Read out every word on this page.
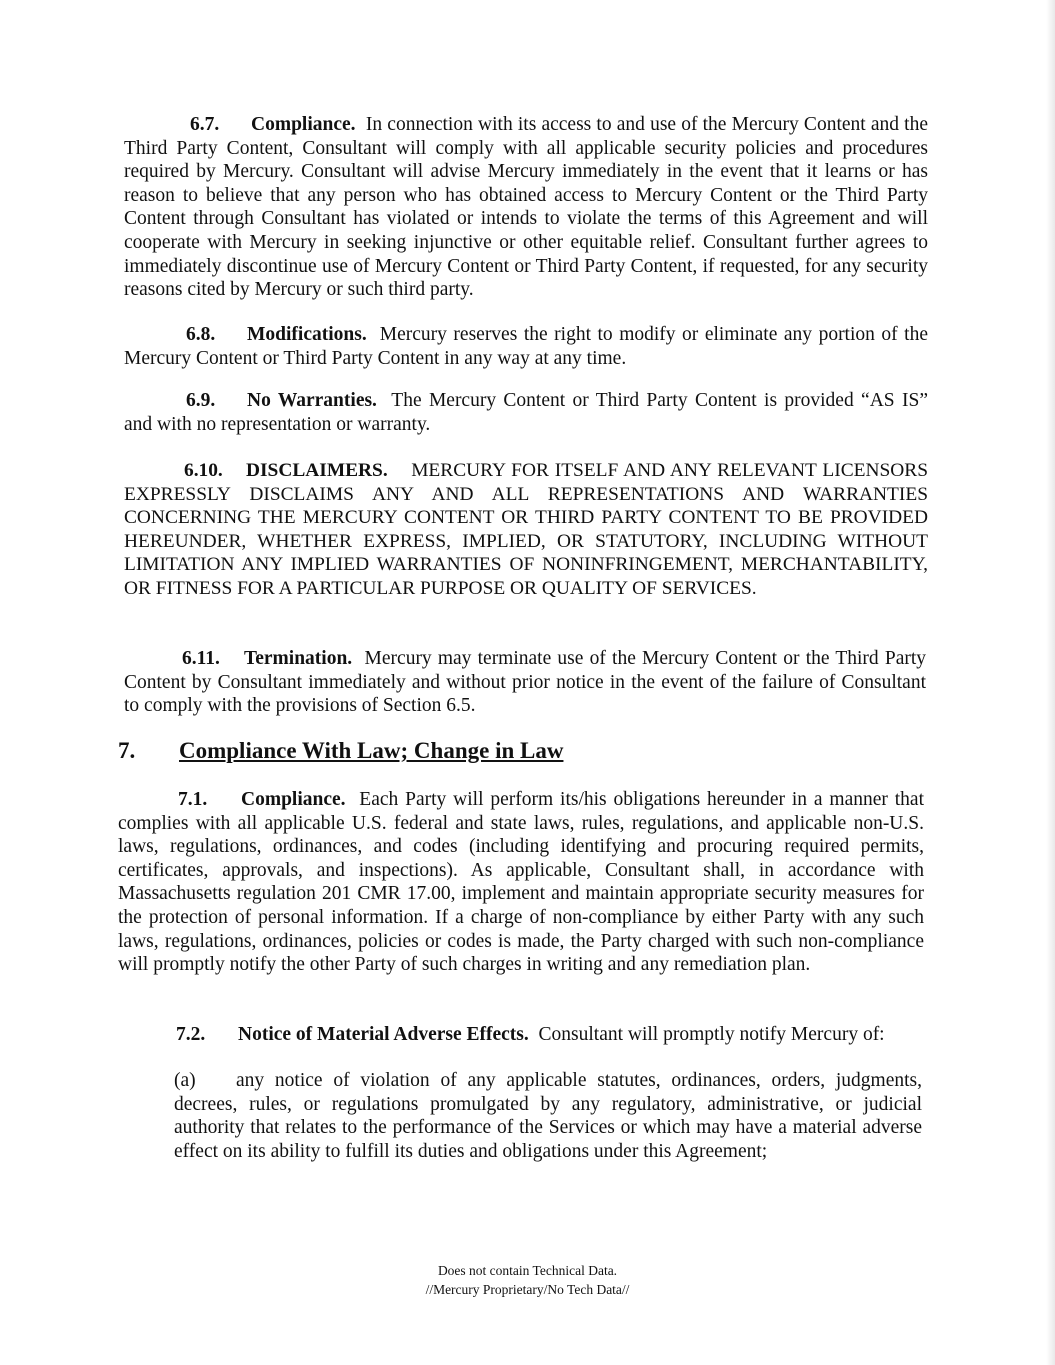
6.7. Compliance. In connection with its access to and use of the Mercury Content and the Third Party Content, Consultant will comply with all applicable security policies and procedures required by Mercury. Consultant will advise Mercury immediately in the event that it learns or has reason to believe that any person who has obtained access to Mercury Content or the Third Party Content through Consultant has violated or intends to violate the terms of this Agreement and will cooperate with Mercury in seeking injunctive or other equitable relief. Consultant further agrees to immediately discontinue use of Mercury Content or Third Party Content, if requested, for any security reasons cited by Mercury or such third party.

6.8. Modifications. Mercury reserves the right to modify or eliminate any portion of the Mercury Content or Third Party Content in any way at any time.

6.9. No Warranties. The Mercury Content or Third Party Content is provided “AS IS” and with no representation or warranty.

6.10. DISCLAIMERS. MERCURY FOR ITSELF AND ANY RELEVANT LICENSORS EXPRESSLY DISCLAIMS ANY AND ALL REPRESENTATIONS AND WARRANTIES CONCERNING THE MERCURY CONTENT OR THIRD PARTY CONTENT TO BE PROVIDED HEREUNDER, WHETHER EXPRESS, IMPLIED, OR STATUTORY, INCLUDING WITHOUT LIMITATION ANY IMPLIED WARRANTIES OF NONINFRINGEMENT, MERCHANTABILITY, OR FITNESS FOR A PARTICULAR PURPOSE OR QUALITY OF SERVICES.

6.11. Termination. Mercury may terminate use of the Mercury Content or the Third Party Content by Consultant immediately and without prior notice in the event of the failure of Consultant to comply with the provisions of Section 6.5.

7. Compliance With Law; Change in Law

7.1. Compliance. Each Party will perform its/his obligations hereunder in a manner that complies with all applicable U.S. federal and state laws, rules, regulations, and applicable non-U.S. laws, regulations, ordinances, and codes (including identifying and procuring required permits, certificates, approvals, and inspections). As applicable, Consultant shall, in accordance with Massachusetts regulation 201 CMR 17.00, implement and maintain appropriate security measures for the protection of personal information. If a charge of non-compliance by either Party with any such laws, regulations, ordinances, policies or codes is made, the Party charged with such non-compliance will promptly notify the other Party of such charges in writing and any remediation plan.

7.2. Notice of Material Adverse Effects. Consultant will promptly notify Mercury of:

(a) any notice of violation of any applicable statutes, ordinances, orders, judgments, decrees, rules, or regulations promulgated by any regulatory, administrative, or judicial authority that relates to the performance of the Services or which may have a material adverse effect on its ability to fulfill its duties and obligations under this Agreement;

Does not contain Technical Data.
//Mercury Proprietary/No Tech Data//
